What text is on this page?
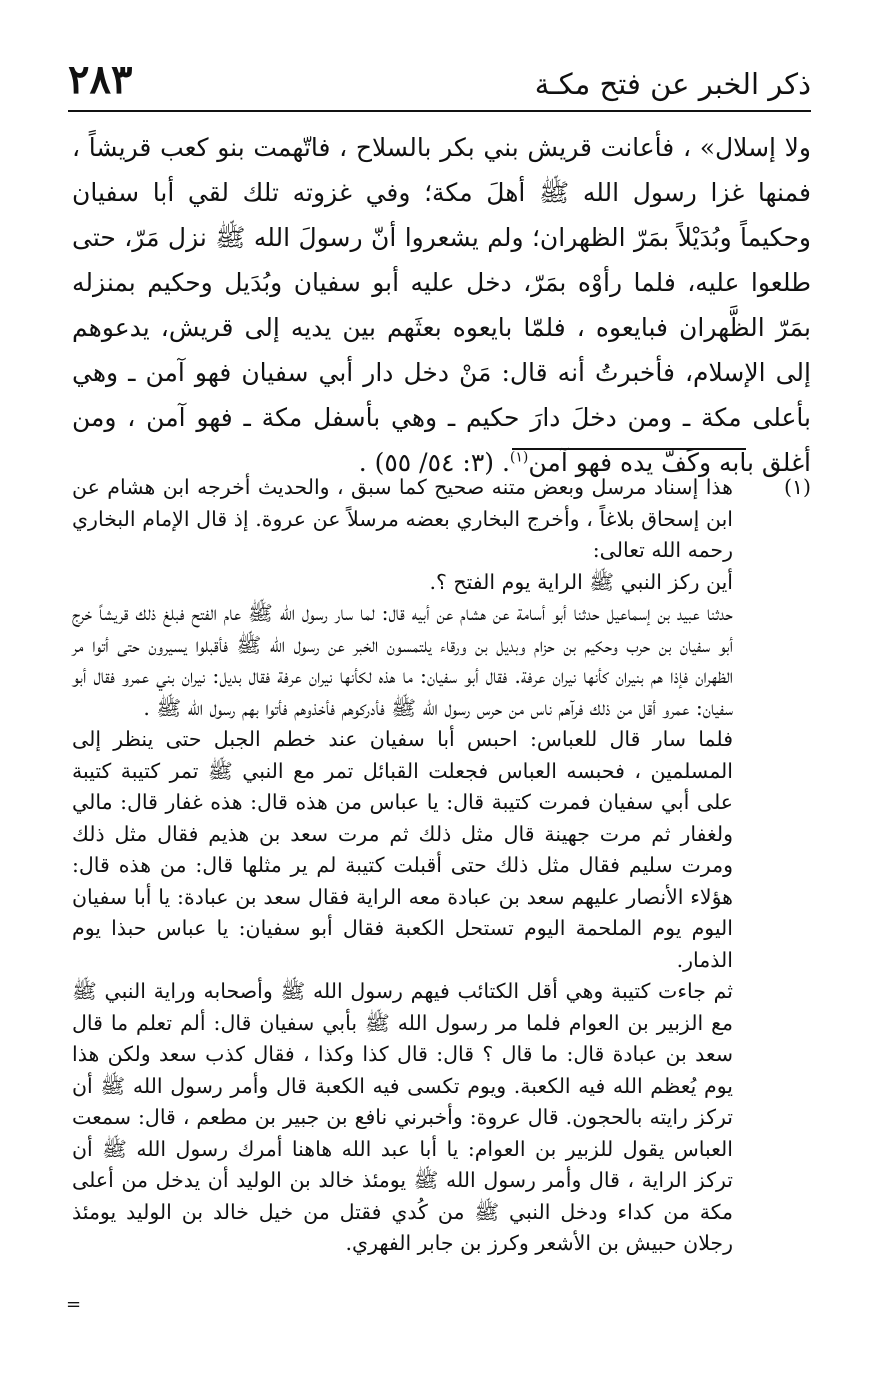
ذكر الخبر عن فتح مكـة
٢٨٣
ولا إسلال» ، فأعانت قريش بني بكر بالسلاح ، فاتّهمت بنو كعب قريشاً ، فمنها غزا رسول الله ﷺ أهلَ مكة؛ وفي غزوته تلك لقي أبا سفيان وحكيماً وبُدَيْلاً بمَرّ الظهران؛ ولم يشعروا أنّ رسولَ الله ﷺ نزل مَرّ، حتى طلعوا عليه، فلما رأوْه بمَرّ، دخل عليه أبو سفيان وبُدَيل وحكيم بمنزله بمَرّ الظَّهران فبايعوه ، فلمّا بايعوه بعثَهم بين يديه إلى قريش، يدعوهم إلى الإسلام، فأخبرتُ أنه قال: مَنْ دخل دار أبي سفيان فهو آمن ـ وهي بأعلى مكة ـ ومن دخلَ دارَ حكيم ـ وهي بأسفل مكة ـ فهو آمن ، ومن أغلق بابه وكَفّ يده فهو آمن$^{(١)}$. (٣: ٥٤/ ٥٥) .
(١)

هذا إسناد مرسل وبعض متنه صحيح كما سبق ، والحديث أخرجه ابن هشام عن ابن إسحاق بلاغاً ، وأخرج البخاري بعضه مرسلاً عن عروة. إذ قال الإمام البخاري رحمه الله تعالى:

أين ركز النبي ﷺ الراية يوم الفتح ؟.

حدثنا عبيد بن إسماعيل حدثنا أبو أسامة عن هشام عن أبيه قال: لما سار رسول الله ﷺ عام الفتح فبلغ ذلك قريشاً خرج أبو سفيان بن حرب وحكيم بن حزام وبديل بن ورقاء يلتمسون الخبر عن رسول الله ﷺ فأقبلوا يسيرون حتى أتوا مر الظهران فإذا هم بنيران كأنها نيران عرفة. فقال أبو سفيان: ما هذه لكأنها نيران عرفة فقال بديل: نيران بني عمرو فقال أبو سفيان: عمرو أقل من ذلك فرآهم ناس من حرس رسول الله ﷺ فأدركوهم فأخذوهم فأتوا بهم رسول الله ﷺ .

فلما سار قال للعباس: احبس أبا سفيان عند خطم الجبل حتى ينظر إلى المسلمين ، فحبسه العباس فجعلت القبائل تمر مع النبي ﷺ تمر كتيبة كتيبة على أبي سفيان فمرت كتيبة قال: يا عباس من هذه قال: هذه غفار قال: مالي ولغفار ثم مرت جهينة قال مثل ذلك ثم مرت سعد بن هذيم فقال مثل ذلك ومرت سليم فقال مثل ذلك حتى أقبلت كتيبة لم ير مثلها قال: من هذه قال: هؤلاء الأنصار عليهم سعد بن عبادة معه الراية فقال سعد بن عبادة: يا أبا سفيان اليوم يوم الملحمة اليوم تستحل الكعبة فقال أبو سفيان: يا عباس حبذا يوم الذمار.

ثم جاءت كتيبة وهي أقل الكتائب فيهم رسول الله ﷺ وأصحابه وراية النبي ﷺ مع الزبير بن العوام فلما مر رسول الله ﷺ بأبي سفيان قال: ألم تعلم ما قال سعد بن عبادة قال: ما قال ؟ قال: قال كذا وكذا ، فقال كذب سعد ولكن هذا يوم يُعظم الله فيه الكعبة. ويوم تكسى فيه الكعبة قال وأمر رسول الله ﷺ أن تركز رايته بالحجون. قال عروة: وأخبرني نافع بن جبير بن مطعم ، قال: سمعت العباس يقول للزبير بن العوام: يا أبا عبد الله هاهنا أمرك رسول الله ﷺ أن تركز الراية ، قال وأمر رسول الله ﷺ يومئذ خالد بن الوليد أن يدخل من أعلى مكة من كداء ودخل النبي ﷺ من كُدي فقتل من خيل خالد بن الوليد يومئذ رجلان حبيش بن الأشعر وكرز بن جابر الفهري.

=
